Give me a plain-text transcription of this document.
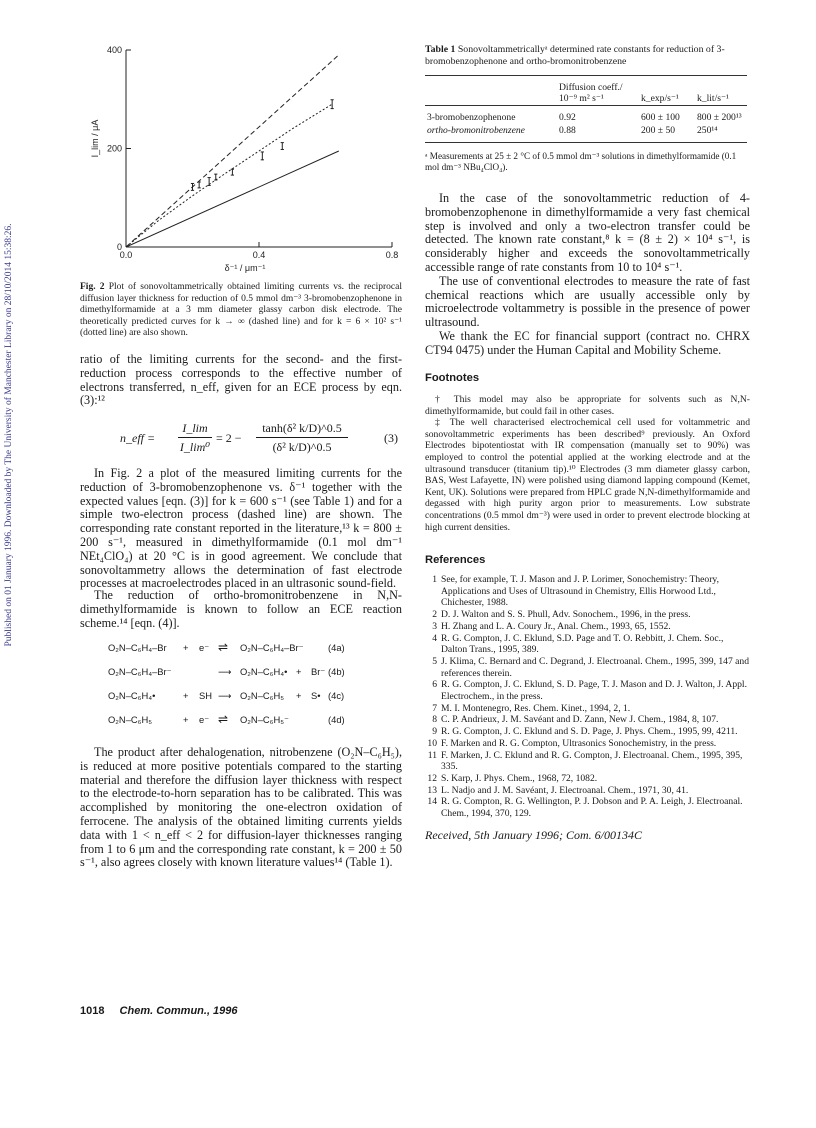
Published on 01 January 1996. Downloaded by The University of Manchester Library on 28/10/2014 15:38:26.	0
200
400
0.0	0.4	0.8
I_lim / μA
δ⁻¹ / μm⁻¹
Fig. 2 Plot of sonovoltammetrically obtained limiting currents vs. the reciprocal diffusion layer thickness for reduction of 0.5 mmol dm⁻³ 3-bromobenzophenone in dimethylformamide at a 3 mm diameter glassy carbon disk electrode. The theoretically predicted curves for k → ∞ (dashed line) and for k = 6 × 10² s⁻¹ (dotted line) are also shown.

ratio of the limiting currents for the second- and the first-reduction process corresponds to the effective number of electrons transferred, n_eff, given for an ECE process by eqn. (3):¹²

n_eff =
I_lim
I_lim⁰
= 2 −
tanh(δ² k/D)^0.5
(δ² k/D)^0.5
(3)

In Fig. 2 a plot of the measured limiting currents for the reduction of 3-bromobenzophenone vs. δ⁻¹ together with the expected values [eqn. (3)] for k = 600 s⁻¹ (see Table 1) and for a simple two-electron process (dashed line) are shown. The corresponding rate constant reported in the literature,¹³ k = 800 ± 200 s⁻¹, measured in dimethylformamide (0.1 mol dm⁻¹ NEt₄ClO₄) at 20 °C is in good agreement. We conclude that sonovoltammetry allows the determination of fast electrode processes at macroelectrodes placed in an ultrasonic sound-field.

The reduction of ortho-bromonitrobenzene in N,N-dimethylformamide is known to follow an ECE reaction scheme.¹⁴ [eqn. (4)].

O₂N–C₆H₄–Br + e⁻ ⇌ O₂N–C₆H₄–Br⁻	(4a)
O₂N–C₆H₄–Br⁻	⟶ O₂N–C₆H₄• + Br⁻ (4b)
O₂N–C₆H₄•	+ SH ⟶ O₂N–C₆H₅ + S• (4c)
O₂N–C₆H₅	+ e⁻ ⇌ O₂N–C₆H₅⁻	(4d)

The product after dehalogenation, nitrobenzene (O₂N–C₆H₅), is reduced at more positive potentials compared to the starting material and therefore the diffusion layer thickness with respect to the electrode-to-horn separation has to be calibrated. This was accomplished by monitoring the one-electron oxidation of ferrocene. The analysis of the obtained limiting currents yields data with 1 < n_eff < 2 for diffusion-layer thicknesses ranging from 1 to 6 μm and the corresponding rate constant, k = 200 ± 50 s⁻¹, also agrees closely with known literature values¹⁴ (Table 1).

Table 1 Sonovoltammetricallyᵃ determined rate constants for reduction of 3-bromobenzophenone and ortho-bromonitrobenzene
	Diffusion coeff./ 10⁻⁹ m² s⁻¹	k_exp/s⁻¹	k_lit/s⁻¹
3-bromobenzophenone	0.92	600 ± 100	800 ± 200¹³
ortho-bromonitrobenzene	0.88	200 ± 50	250¹⁴
ᵃ Measurements at 25 ± 2 °C of 0.5 mmol dm⁻³ solutions in dimethylformamide (0.1 mol dm⁻³ NBu₄ClO₄).

In the case of the sonovoltammetric reduction of 4-bromobenzophenone in dimethylformamide a very fast chemical step is involved and only a two-electron transfer could be detected. The known rate constant,⁸ k = (8 ± 2) × 10⁴ s⁻¹, is considerably higher and exceeds the sonovoltammetrically accessible range of rate constants from 10 to 10⁴ s⁻¹.

The use of conventional electrodes to measure the rate of fast chemical reactions which are usually accessible only by microelectrode voltammetry is possible in the presence of power ultrasound.

We thank the EC for financial support (contract no. CHRX CT94 0475) under the Human Capital and Mobility Scheme.

Footnotes

† This model may also be appropriate for solvents such as N,N-dimethylformamide, but could fail in other cases.

‡ The well characterised electrochemical cell used for voltammetric and sonovoltammetric experiments has been described⁹ previously. An Oxford Electrodes bipotentiostat with IR compensation (manually set to 90%) was employed to control the potential applied at the working electrode and at the ultrasound transducer (titanium tip).¹⁰ Electrodes (3 mm diameter glassy carbon, BAS, West Lafayette, IN) were polished using diamond lapping compound (Kemet, Kent, UK). Solutions were prepared from HPLC grade N,N-dimethylformamide and degassed with high purity argon prior to measurements. Low substrate concentrations (0.5 mmol dm⁻³) were used in order to prevent electrode blocking at high current densities.

References
1 See, for example, T. J. Mason and J. P. Lorimer, Sonochemistry: Theory, Applications and Uses of Ultrasound in Chemistry, Ellis Horwood Ltd., Chichester, 1988.
2 D. J. Walton and S. S. Phull, Adv. Sonochem., 1996, in the press.
3 H. Zhang and L. A. Coury Jr., Anal. Chem., 1993, 65, 1552.
4 R. G. Compton, J. C. Eklund, S.D. Page and T. O. Rebbitt, J. Chem. Soc., Dalton Trans., 1995, 389.
5 J. Klima, C. Bernard and C. Degrand, J. Electroanal. Chem., 1995, 399, 147 and references therein.
6 R. G. Compton, J. C. Eklund, S. D. Page, T. J. Mason and D. J. Walton, J. Appl. Electrochem., in the press.
7 M. I. Montenegro, Res. Chem. Kinet., 1994, 2, 1.
8 C. P. Andrieux, J. M. Savéant and D. Zann, New J. Chem., 1984, 8, 107.
9 R. G. Compton, J. C. Eklund and S. D. Page, J. Phys. Chem., 1995, 99, 4211.
10 F. Marken and R. G. Compton, Ultrasonics Sonochemistry, in the press.
11 F. Marken, J. C. Eklund and R. G. Compton, J. Electroanal. Chem., 1995, 395, 335.
12 S. Karp, J. Phys. Chem., 1968, 72, 1082.
13 L. Nadjo and J. M. Savéant, J. Electroanal. Chem., 1971, 30, 41.
14 R. G. Compton, R. G. Wellington, P. J. Dobson and P. A. Leigh, J. Electroanal. Chem., 1994, 370, 129.
Received, 5th January 1996; Com. 6/00134C
1018 Chem. Commun., 1996
